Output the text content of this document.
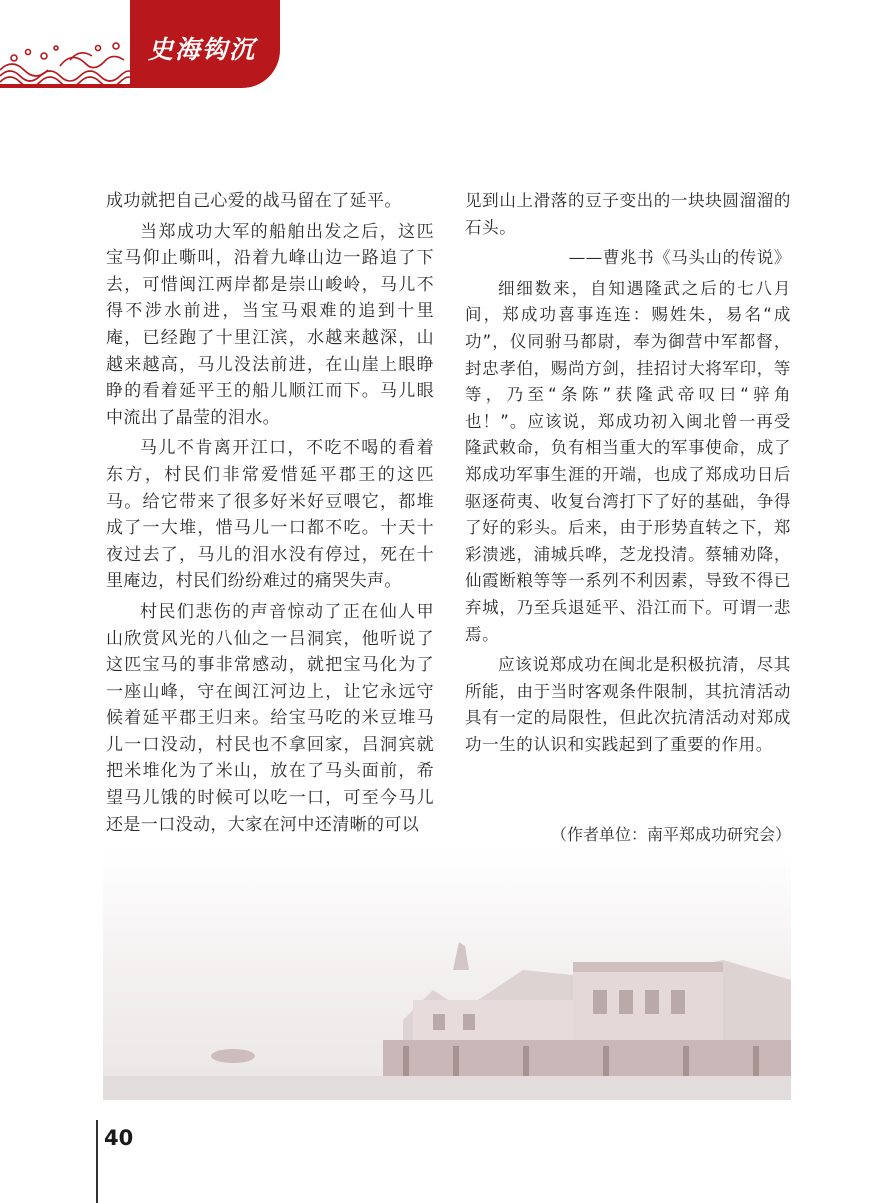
史海钩沉

成功就把自己心爱的战马留在了延平。

当郑成功大军的船舶出发之后，这匹宝马仰止嘶叫，沿着九峰山边一路追了下去，可惜闽江两岸都是崇山峻岭，马儿不得不涉水前进，当宝马艰难的追到十里庵，已经跑了十里江滨，水越来越深，山越来越高，马儿没法前进，在山崖上眼睁睁的看着延平王的船儿顺江而下。马儿眼中流出了晶莹的泪水。

马儿不肯离开江口，不吃不喝的看着东方，村民们非常爱惜延平郡王的这匹马。给它带来了很多好米好豆喂它，都堆成了一大堆，惜马儿一口都不吃。十天十夜过去了，马儿的泪水没有停过，死在十里庵边，村民们纷纷难过的痛哭失声。

村民们悲伤的声音惊动了正在仙人甲山欣赏风光的八仙之一吕洞宾，他听说了这匹宝马的事非常感动，就把宝马化为了一座山峰，守在闽江河边上，让它永远守候着延平郡王归来。给宝马吃的米豆堆马儿一口没动，村民也不拿回家，吕洞宾就把米堆化为了米山，放在了马头面前，希望马儿饿的时候可以吃一口，可至今马儿还是一口没动，大家在河中还清晰的可以

见到山上滑落的豆子变出的一块块圆溜溜的石头。

——曹兆书《马头山的传说》

细细数来，自知遇隆武之后的七八月间，郑成功喜事连连：赐姓朱，易名“成功”，仪同驸马都尉，奉为御营中军都督，封忠孝伯，赐尚方剑，挂招讨大将军印，等等，乃至“条陈”获隆武帝叹曰“骍角也！”。应该说，郑成功初入闽北曾一再受隆武敕命，负有相当重大的军事使命，成了郑成功军事生涯的开端，也成了郑成功日后驱逐荷夷、收复台湾打下了好的基础，争得了好的彩头。后来，由于形势直转之下，郑彩溃逃，浦城兵哗，芝龙投清。蔡辅劝降，仙霞断粮等等一系列不利因素，导致不得已弃城，乃至兵退延平、沿江而下。可谓一悲焉。

应该说郑成功在闽北是积极抗清，尽其所能，由于当时客观条件限制，其抗清活动具有一定的局限性，但此次抗清活动对郑成功一生的认识和实践起到了重要的作用。

（作者单位：南平郑成功研究会）
40
